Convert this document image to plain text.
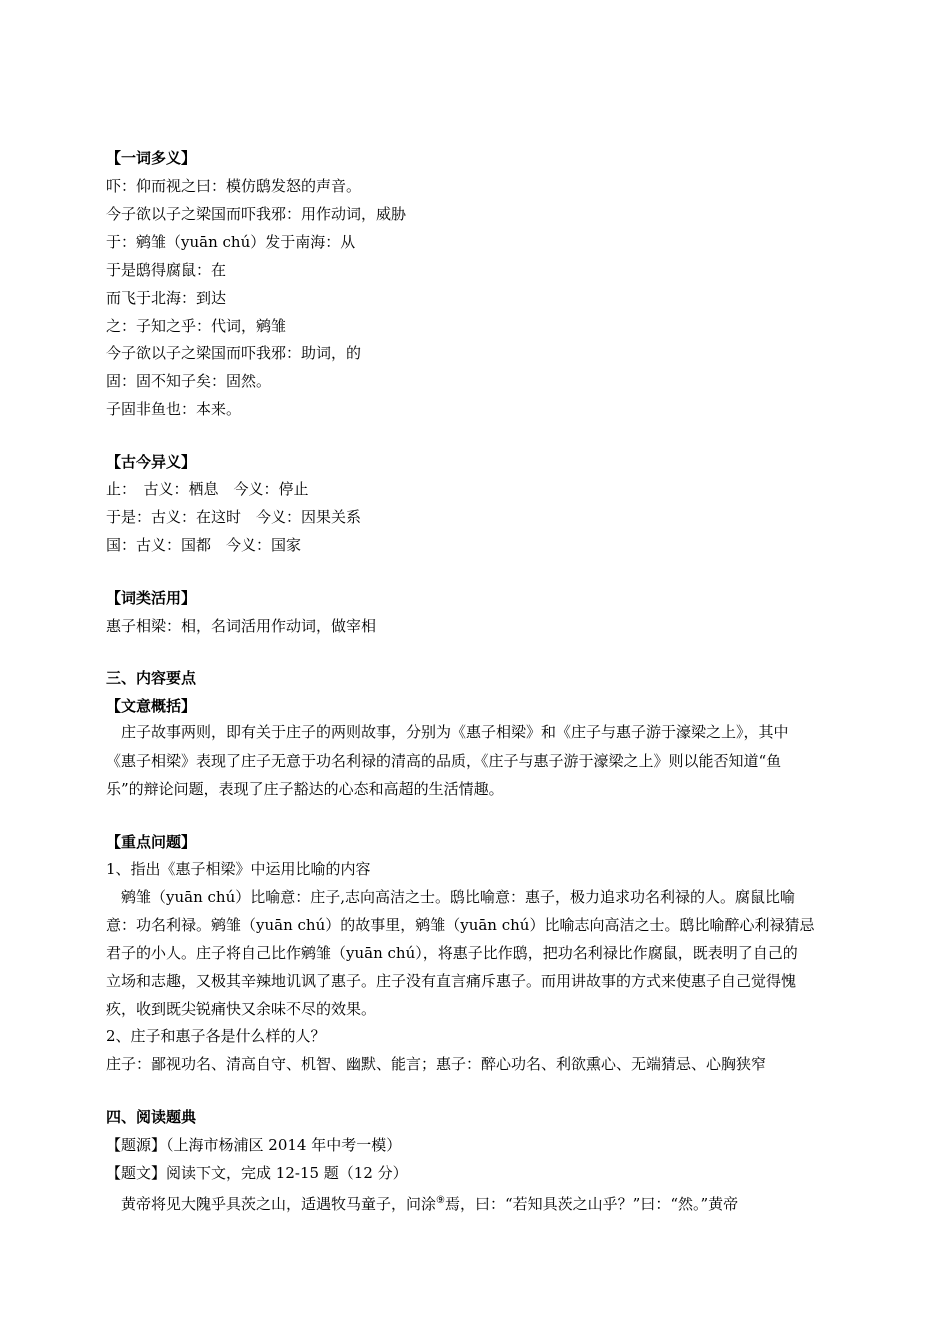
【一词多义】
吓：仰而视之曰：模仿鸱发怒的声音。
今子欲以子之梁国而吓我邪：用作动词，威胁
于：鹓雏（yuān chú）发于南海：从
于是鸱得腐鼠：在
而飞于北海：到达
之：子知之乎：代词，鹓雏
今子欲以子之梁国而吓我邪：助词，的
固：固不知子矣：固然。
子固非鱼也：本来。
【古今异义】
止：　古义：栖息　今义：停止
于是：古义：在这时　今义：因果关系
国：古义：国都　今义：国家
【词类活用】
惠子相梁：相，名词活用作动词，做宰相
三、内容要点
【文意概括】
　庄子故事两则，即有关于庄子的两则故事，分别为《惠子相梁》和《庄子与惠子游于濠梁之上》，其中
《惠子相梁》表现了庄子无意于功名利禄的清高的品质，《庄子与惠子游于濠梁之上》则以能否知道“鱼
乐”的辩论问题，表现了庄子豁达的心态和高超的生活情趣。
【重点问题】
1、指出《惠子相梁》中运用比喻的内容
　鹓雏（yuān chú）比喻意：庄子,志向高洁之士。鸱比喻意：惠子，极力追求功名利禄的人。腐鼠比喻
意：功名利禄。鹓雏（yuān chú）的故事里，鹓雏（yuān chú）比喻志向高洁之士。鸱比喻醉心利禄猜忌
君子的小人。庄子将自己比作鹓雏（yuān chú），将惠子比作鸱，把功名利禄比作腐鼠，既表明了自己的
立场和志趣，又极其辛辣地讥讽了惠子。庄子没有直言痛斥惠子。而用讲故事的方式来使惠子自己觉得愧
疚，收到既尖锐痛快又余味不尽的效果。
2、庄子和惠子各是什么样的人？
庄子：鄙视功名、清高自守、机智、幽默、能言；惠子：醉心功名、利欲熏心、无端猜忌、心胸狭窄
四、阅读题典
【题源】（上海市杨浦区 2014 年中考一模）
【题文】阅读下文，完成 12-15 题（12 分）
　黄帝将见大隗乎具茨之山，适遇牧马童子，问涂⑨焉，曰：“若知具茨之山乎？”曰：“然。”黄帝
